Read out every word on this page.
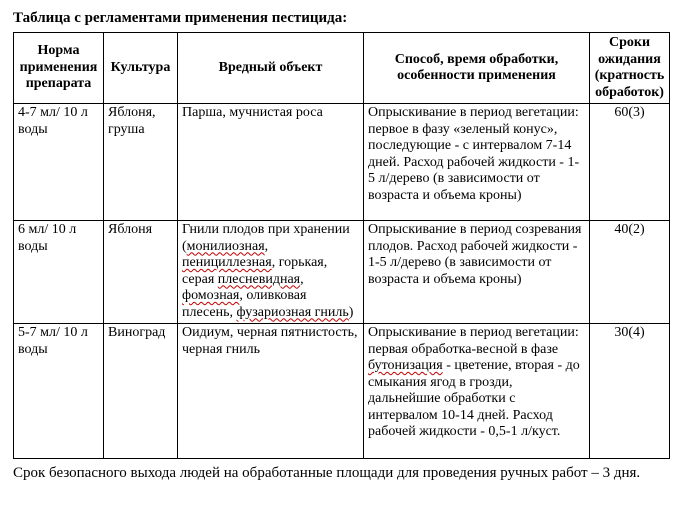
Таблица с регламентами применения пестицида:
Норма применения препарата	Культура	Вредный объект	Способ, время обработки, особенности применения	Сроки ожидания (кратность обработок)
4-7 мл/ 10 л воды	Яблоня, груша	Парша, мучнистая роса	Опрыскивание в период вегетации: первое в фазу «зеленый конус», последующие - с интервалом 7-14 дней. Расход рабочей жидкости - 1-5 л/дерево (в зависимости от возраста и объема кроны)	60(3)
6 мл/ 10 л воды	Яблоня	Гнили плодов при хранении (монилиозная, пенициллезная, горькая, серая плесневидная, фомозная, оливковая плесень, фузариозная гниль)	Опрыскивание в период созревания плодов. Расход рабочей жидкости - 1-5 л/дерево (в зависимости от возраста и объема кроны)	40(2)
5-7 мл/ 10 л воды	Виноград	Оидиум, черная пятнистость, черная гниль	Опрыскивание в период вегетации: первая обработка-весной в фазе бутонизация - цветение, вторая - до смыкания ягод в грозди, дальнейшие обработки с интервалом 10-14 дней. Расход рабочей жидкости - 0,5-1 л/куст.	30(4)

Срок безопасного выхода людей на обработанные площади для проведения ручных работ – 3 дня.
